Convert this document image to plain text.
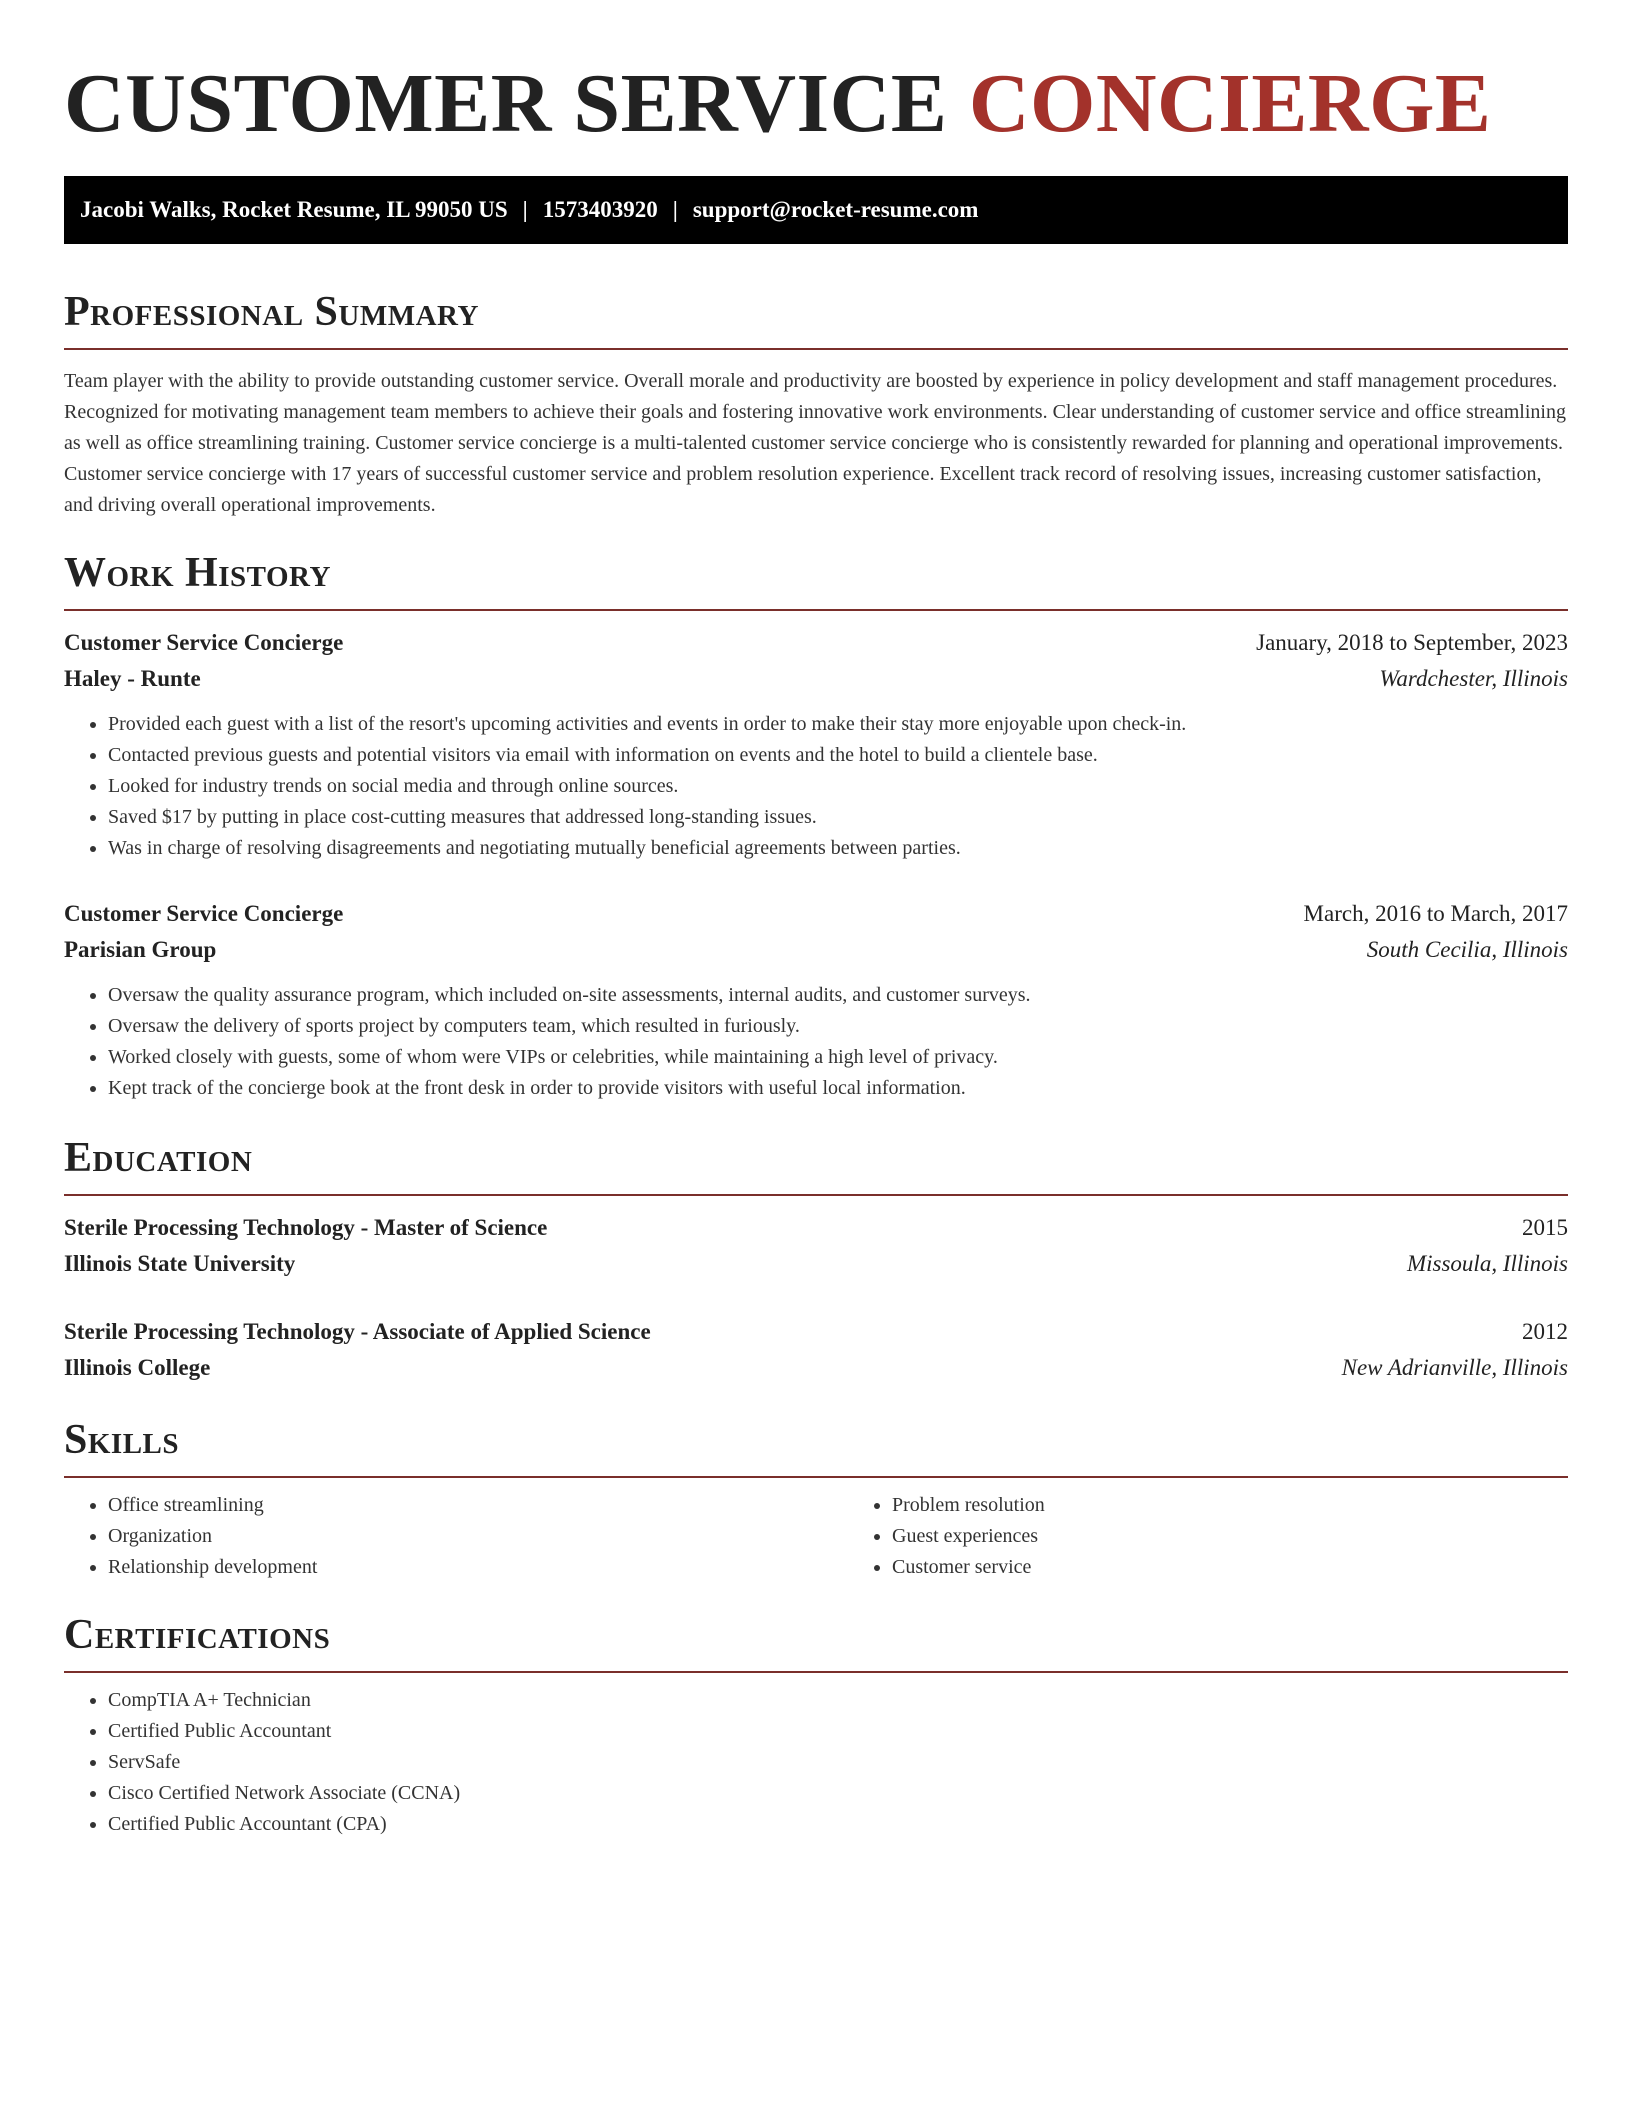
CUSTOMER SERVICE CONCIERGE
Jacobi Walks, Rocket Resume, IL 99050 US | 1573403920 | support@rocket-resume.com
Professional Summary

Team player with the ability to provide outstanding customer service. Overall morale and productivity are boosted by experience in policy development and staff management procedures. Recognized for motivating management team members to achieve their goals and fostering innovative work environments. Clear understanding of customer service and office streamlining as well as office streamlining training. Customer service concierge is a multi-talented customer service concierge who is consistently rewarded for planning and operational improvements. Customer service concierge with 17 years of successful customer service and problem resolution experience. Excellent track record of resolving issues, increasing customer satisfaction, and driving overall operational improvements.

Work History
Customer Service Concierge	January, 2018 to September, 2023
Haley - Runte	Wardchester, Illinois
• Provided each guest with a list of the resort's upcoming activities and events in order to make their stay more enjoyable upon check-in.
• Contacted previous guests and potential visitors via email with information on events and the hotel to build a clientele base.
• Looked for industry trends on social media and through online sources.
• Saved $17 by putting in place cost-cutting measures that addressed long-standing issues.
• Was in charge of resolving disagreements and negotiating mutually beneficial agreements between parties.
Customer Service Concierge	March, 2016 to March, 2017
Parisian Group	South Cecilia, Illinois
• Oversaw the quality assurance program, which included on-site assessments, internal audits, and customer surveys.
• Oversaw the delivery of sports project by computers team, which resulted in furiously.
• Worked closely with guests, some of whom were VIPs or celebrities, while maintaining a high level of privacy.
• Kept track of the concierge book at the front desk in order to provide visitors with useful local information.
Education
Sterile Processing Technology - Master of Science	2015
Illinois State University	Missoula, Illinois
Sterile Processing Technology - Associate of Applied Science	2012
Illinois College	New Adrianville, Illinois
Skills
• Office streamlining
• Organization
• Relationship development
• Problem resolution
• Guest experiences
• Customer service
Certifications
• CompTIA A+ Technician
• Certified Public Accountant
• ServSafe
• Cisco Certified Network Associate (CCNA)
• Certified Public Accountant (CPA)
